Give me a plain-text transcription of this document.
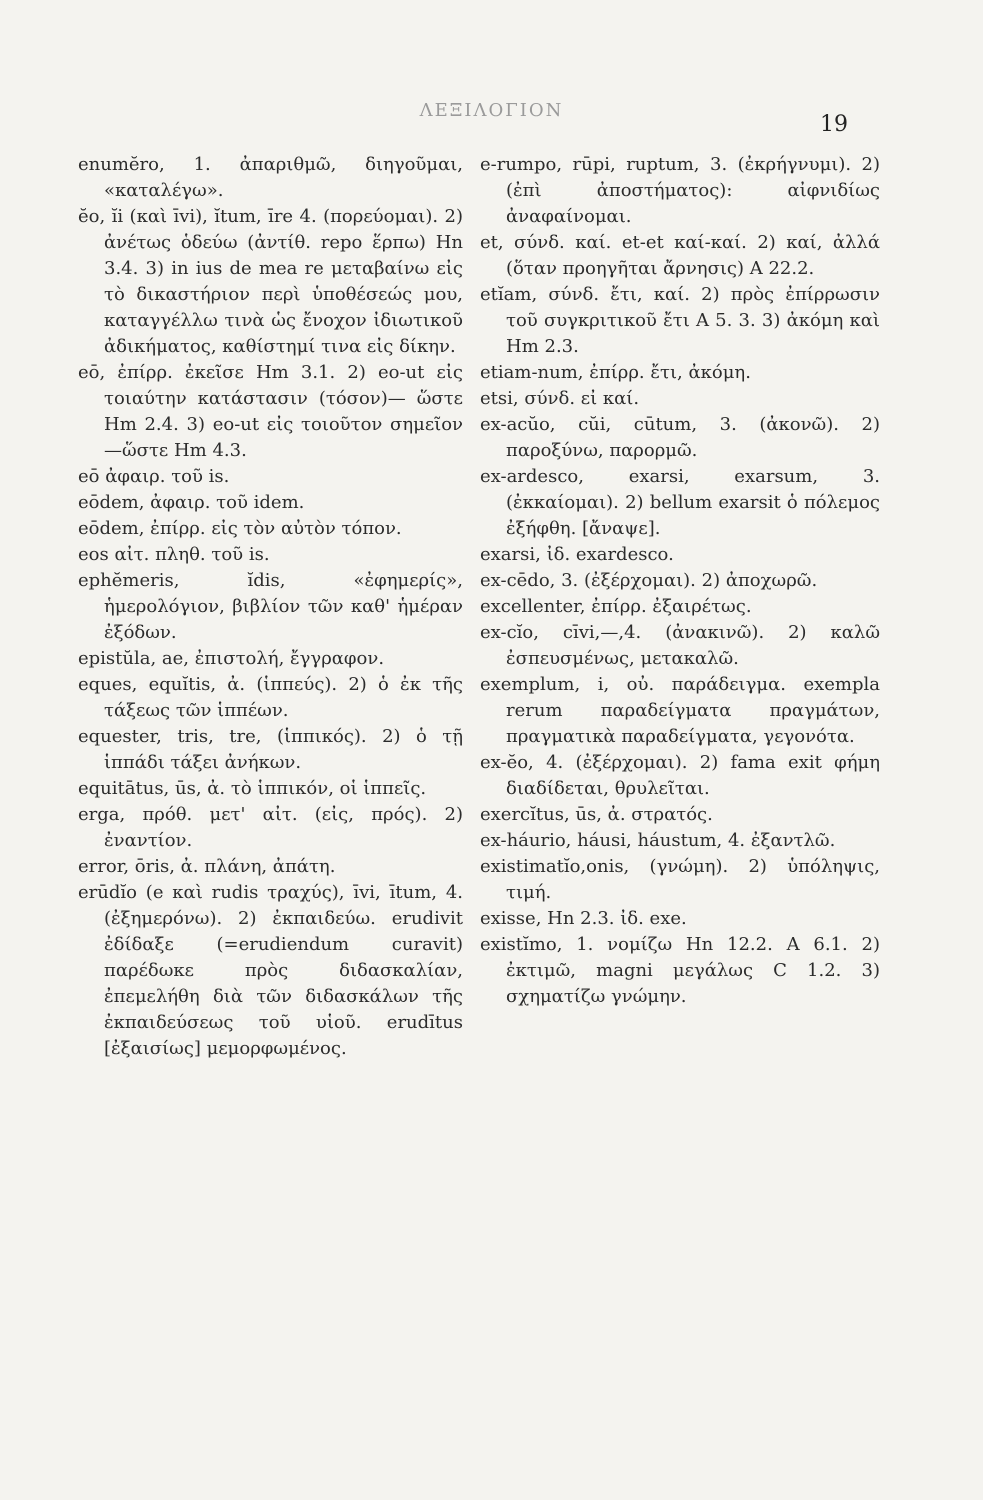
ΛΕΞΙΛΟΓΙΟΝ
19

enumĕro, 1. ἀπαριθμῶ, διηγοῦμαι, «καταλέγω».

ĕo, ĭi (καὶ īvi), ĭtum, īre 4. (πορεύομαι). 2) ἀνέτως ὁδεύω (ἀντίθ. repo ἕρπω) Hn 3.4. 3) in ius de mea re μεταβαίνω εἰς τὸ δικαστήριον περὶ ὑποθέσεώς μου, καταγγέλλω τινὰ ὡς ἔνοχον ἰδιωτικοῦ ἀδικήματος, καθίστημί τινα εἰς δίκην.

eō, ἐπίρρ. ἐκεῖσε Hm 3.1. 2) eo-ut εἰς τοιαύτην κατάστασιν (τόσον)— ὥστε Hm 2.4. 3) eo-ut εἰς τοιοῦτον σημεῖον—ὥστε Hm 4.3.

eō ἀφαιρ. τοῦ is.

eōdem, ἀφαιρ. τοῦ idem.

eōdem, ἐπίρρ. εἰς τὸν αὐτὸν τόπον.

eos αἰτ. πληθ. τοῦ is.

ephĕmeris, ĭdis, «ἐφημερίς», ἡμερολόγιον, βιβλίον τῶν καθ' ἡμέραν ἐξόδων.

epistŭla, ae, ἐπιστολή, ἔγγραφον.

eques, equĭtis, ἀ. (ἱππεύς). 2) ὁ ἐκ τῆς τάξεως τῶν ἱππέων.

equester, tris, tre, (ἱππικός). 2) ὁ τῇ ἱππάδι τάξει ἀνήκων.

equitātus, ūs, ἀ. τὸ ἱππικόν, οἱ ἱππεῖς.

erga, πρόθ. μετ' αἰτ. (εἰς, πρός). 2) ἐναντίον.

error, ōris, ἀ. πλάνη, ἀπάτη.

erūdĭo (e καὶ rudis τραχύς), īvi, ītum, 4. (ἐξημερόνω). 2) ἐκπαιδεύω. erudivit ἐδίδαξε (=erudiendum curavit) παρέδωκε πρὸς διδασκαλίαν, ἐπεμελήθη διὰ τῶν διδασκάλων τῆς ἐκπαιδεύσεως τοῦ υἱοῦ. erudītus [ἐξαισίως] μεμορφωμένος.

e-rumpo, rūpi, ruptum, 3. (ἐκρήγνυμι). 2) (ἐπὶ ἀποστήματος): αἰφνιδίως ἀναφαίνομαι.

et, σύνδ. καί. et-et καί-καί. 2) καί, ἀλλά (ὅταν προηγῆται ἄρνησις) A 22.2.

etĭam, σύνδ. ἔτι, καί. 2) πρὸς ἐπίρρωσιν τοῦ συγκριτικοῦ ἔτι A 5. 3. 3) ἀκόμη καὶ Hm 2.3.

etiam-num, ἐπίρρ. ἔτι, ἀκόμη.

etsi, σύνδ. εἰ καί.

ex-acŭo, cŭi, cūtum, 3. (ἀκονῶ). 2) παροξύνω, παρορμῶ.

ex-ardesco, exarsi, exarsum, 3. (ἐκκαίομαι). 2) bellum exarsit ὁ πόλεμος ἐξήφθη. [ἄναψε].

exarsi, ἰδ. exardesco.

ex-cēdo, 3. (ἐξέρχομαι). 2) ἀποχωρῶ.

excellenter, ἐπίρρ. ἐξαιρέτως.

ex-cĭo, cīvi,—,4. (ἀνακινῶ). 2) καλῶ ἐσπευσμένως, μετακαλῶ.

exemplum, i, οὐ. παράδειγμα. exempla rerum παραδείγματα πραγμάτων, πραγματικὰ παραδείγματα, γεγονότα.

ex-ĕo, 4. (ἐξέρχομαι). 2) fama exit φήμη διαδίδεται, θρυλεῖται.

exercĭtus, ūs, ἀ. στρατός.

ex-háurio, háusi, háustum, 4. ἐξαντλῶ.

existimatĭo,onis, (γνώμη). 2) ὑπόληψις, τιμή.

exisse, Hn 2.3. ἰδ. exe.

existĭmo, 1. νομίζω Hn 12.2. A 6.1. 2) ἐκτιμῶ, magni μεγάλως C 1.2. 3) σχηματίζω γνώμην.
